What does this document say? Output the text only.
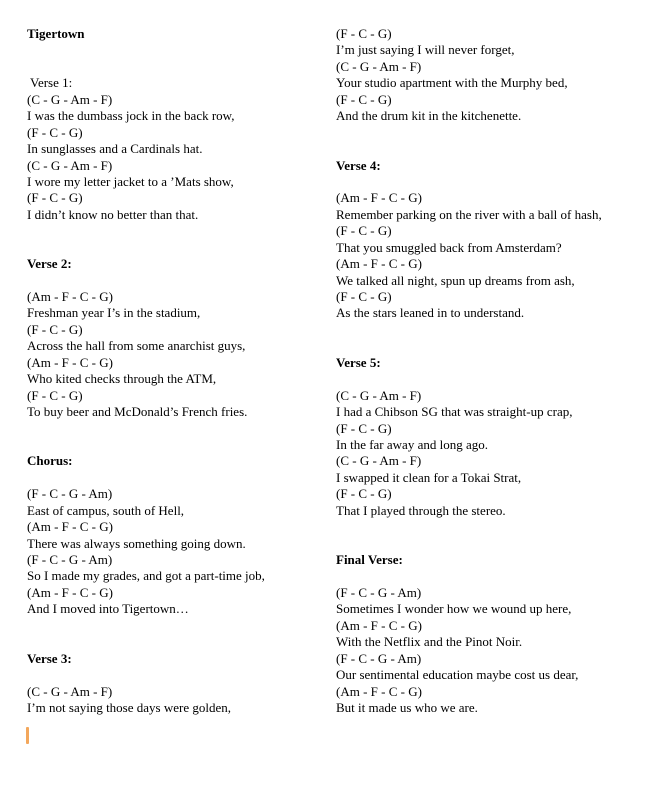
Tigertown
Verse 1:
(C - G - Am - F)
I was the dumbass jock in the back row,
(F - C - G)
In sunglasses and a Cardinals hat.
(C - G - Am - F)
I wore my letter jacket to a ’Mats show,
(F - C - G)
I didn’t know no better than that.
Verse 2:
(Am - F - C - G)
Freshman year I’s in the stadium,
(F - C - G)
Across the hall from some anarchist guys,
(Am - F - C - G)
Who kited checks through the ATM,
(F - C - G)
To buy beer and McDonald’s French fries.
Chorus:
(F - C - G - Am)
East of campus, south of Hell,
(Am - F - C - G)
There was always something going down.
(F - C - G - Am)
So I made my grades, and got a part-time job,
(Am - F - C - G)
And I moved into Tigertown…
Verse 3:
(C - G - Am - F)
I’m not saying those days were golden,
(F - C - G)
I’m just saying I will never forget,
(C - G - Am - F)
Your studio apartment with the Murphy bed,
(F - C - G)
And the drum kit in the kitchenette.
Verse 4:
(Am - F - C - G)
Remember parking on the river with a ball of hash,
(F - C - G)
That you smuggled back from Amsterdam?
(Am - F - C - G)
We talked all night, spun up dreams from ash,
(F - C - G)
As the stars leaned in to understand.
Verse 5:
(C - G - Am - F)
I had a Chibson SG that was straight-up crap,
(F - C - G)
In the far away and long ago.
(C - G - Am - F)
I swapped it clean for a Tokai Strat,
(F - C - G)
That I played through the stereo.
Final Verse:
(F - C - G - Am)
Sometimes I wonder how we wound up here,
(Am - F - C - G)
With the Netflix and the Pinot Noir.
(F - C - G - Am)
Our sentimental education maybe cost us dear,
(Am - F - C - G)
But it made us who we are.
